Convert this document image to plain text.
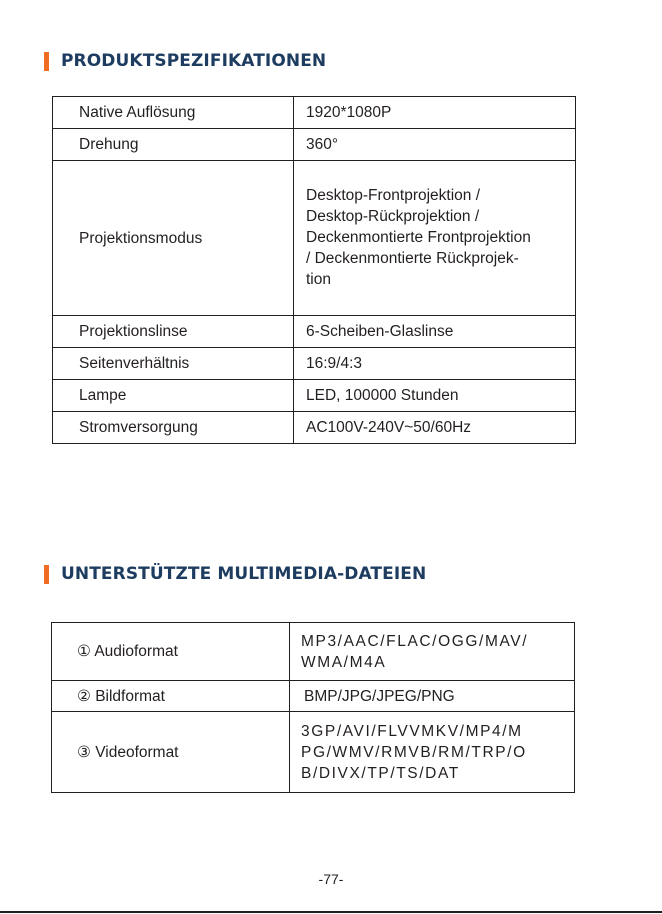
PRODUKTSPEZIFIKATIONEN
Native Auflösung	1920*1080P
Drehung	360°
Projektionsmodus	Desktop-Frontprojektion /
Desktop-Rückprojektion /
Deckenmontierte Frontprojektion
/ Deckenmontierte Rückprojek-
tion

Projektionslinse	6-Scheiben-Glaslinse
Seitenverhältnis	16:9/4:3
Lampe	LED, 100000 Stunden
Stromversorgung	AC100V-240V~50/60Hz
UNTERSTÜTZTE MULTIMEDIA-DATEIEN
① Audioformat	MP3/AAC/FLAC/OGG/MAV/
WMA/M4A

② Bildformat	BMP/JPG/JPEG/PNG

③ Videoformat	3GP/AVI/FLVVMKV/MP4/M
PG/WMV/RMVB/RM/TRP/O
B/DIVX/TP/TS/DAT
-77-
